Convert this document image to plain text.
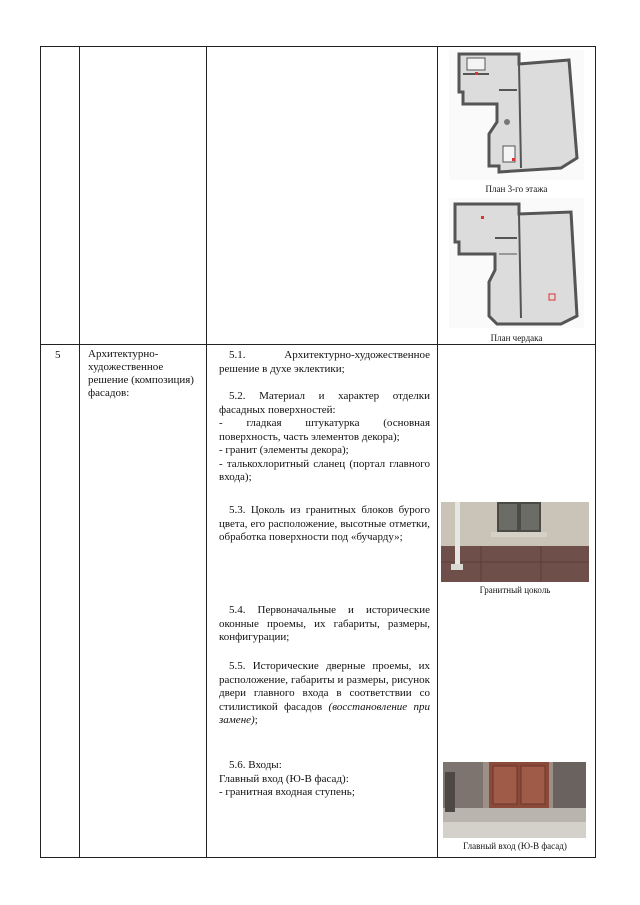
План 3-го этажа
План чердака
5	Архитектурно-художественное решение (композиция) фасадов:

5.1. Архитектурно-художественное решение в духе эклектики;

5.2. Материал и характер отделки фасадных поверхностей:

- гладкая штукатурка (основная поверхность, часть элементов декора);

- гранит (элементы декора);

- талькохлоритный сланец (портал главного входа);

5.3. Цоколь из гранитных блоков бурого цвета, его расположение, высотные отметки, обработка поверхности под «бучарду»;

5.4. Первоначальные и исторические оконные проемы, их габариты, размеры, конфигурации;

5.5. Исторические дверные проемы, их расположение, габариты и размеры, рисунок двери главного входа в соответствии со стилистикой фасадов (восстановление при замене);

5.6. Входы:

Главный вход (Ю-В фасад):

- гранитная входная ступень;

Гранитный цоколь
Главный вход (Ю-В фасад)
